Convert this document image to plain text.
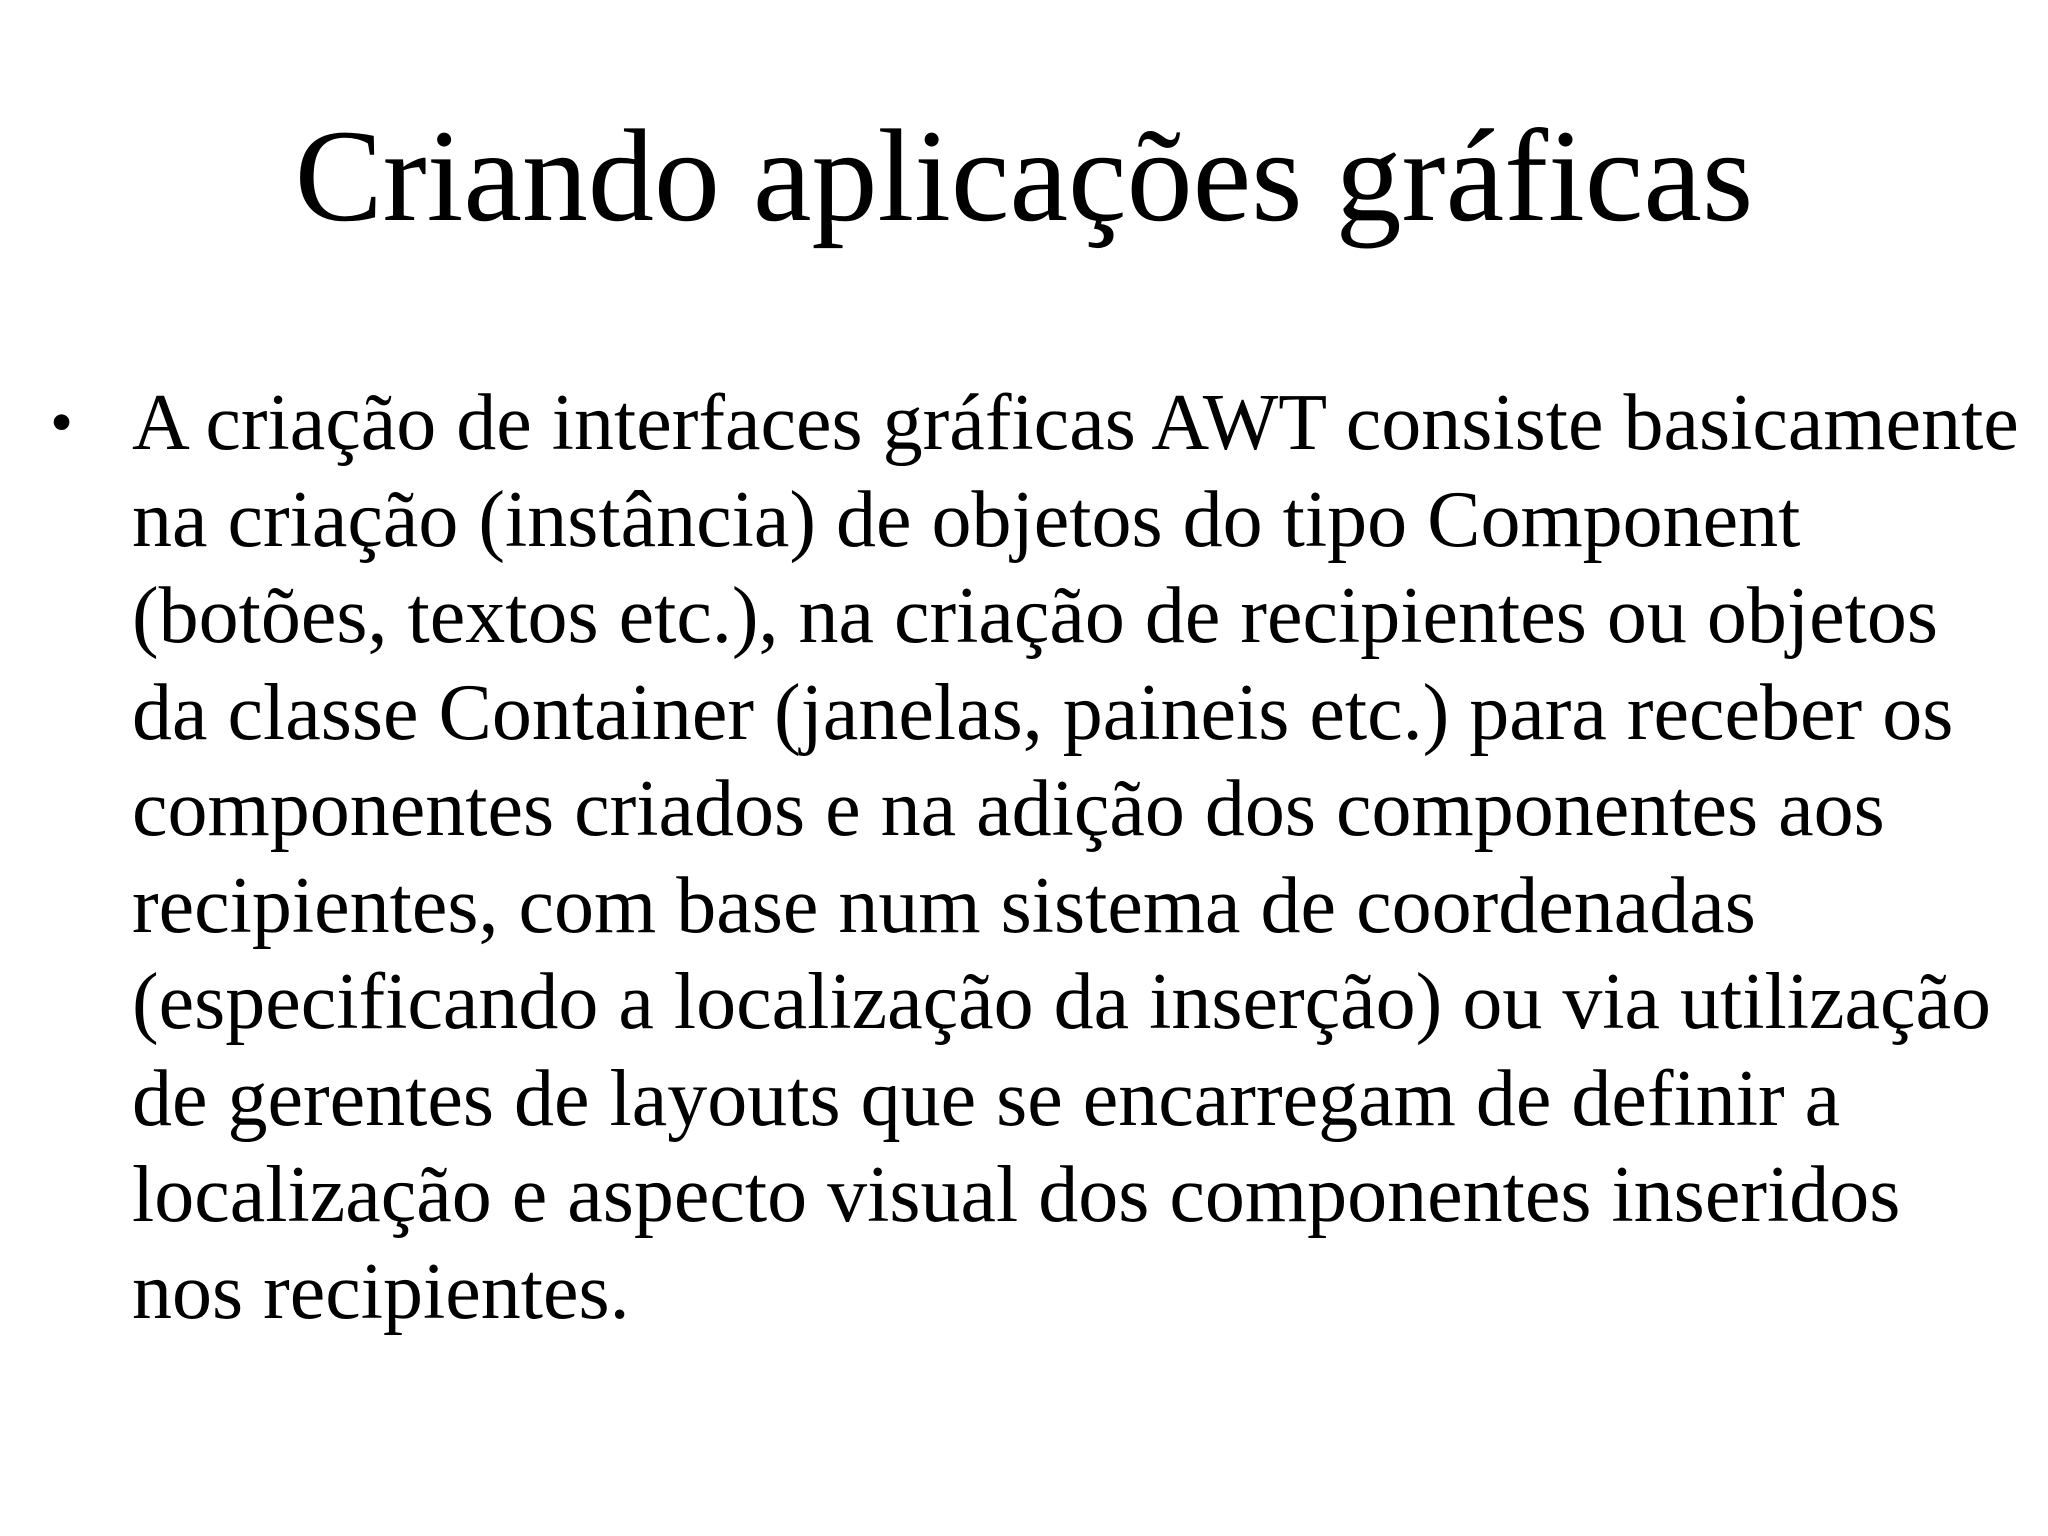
Criando aplicações gráficas
• A criação de interfaces gráficas AWT consiste basicamente na criação (instância) de objetos do tipo Component (botões, textos etc.), na criação de recipientes ou objetos da classe Container (janelas, paineis etc.) para receber os componentes criados e na adição dos componentes aos recipientes, com base num sistema de coordenadas (especificando a localização da inserção) ou via utilização de gerentes de layouts que se encarregam de definir a localização e aspecto visual dos componentes inseridos nos recipientes.
